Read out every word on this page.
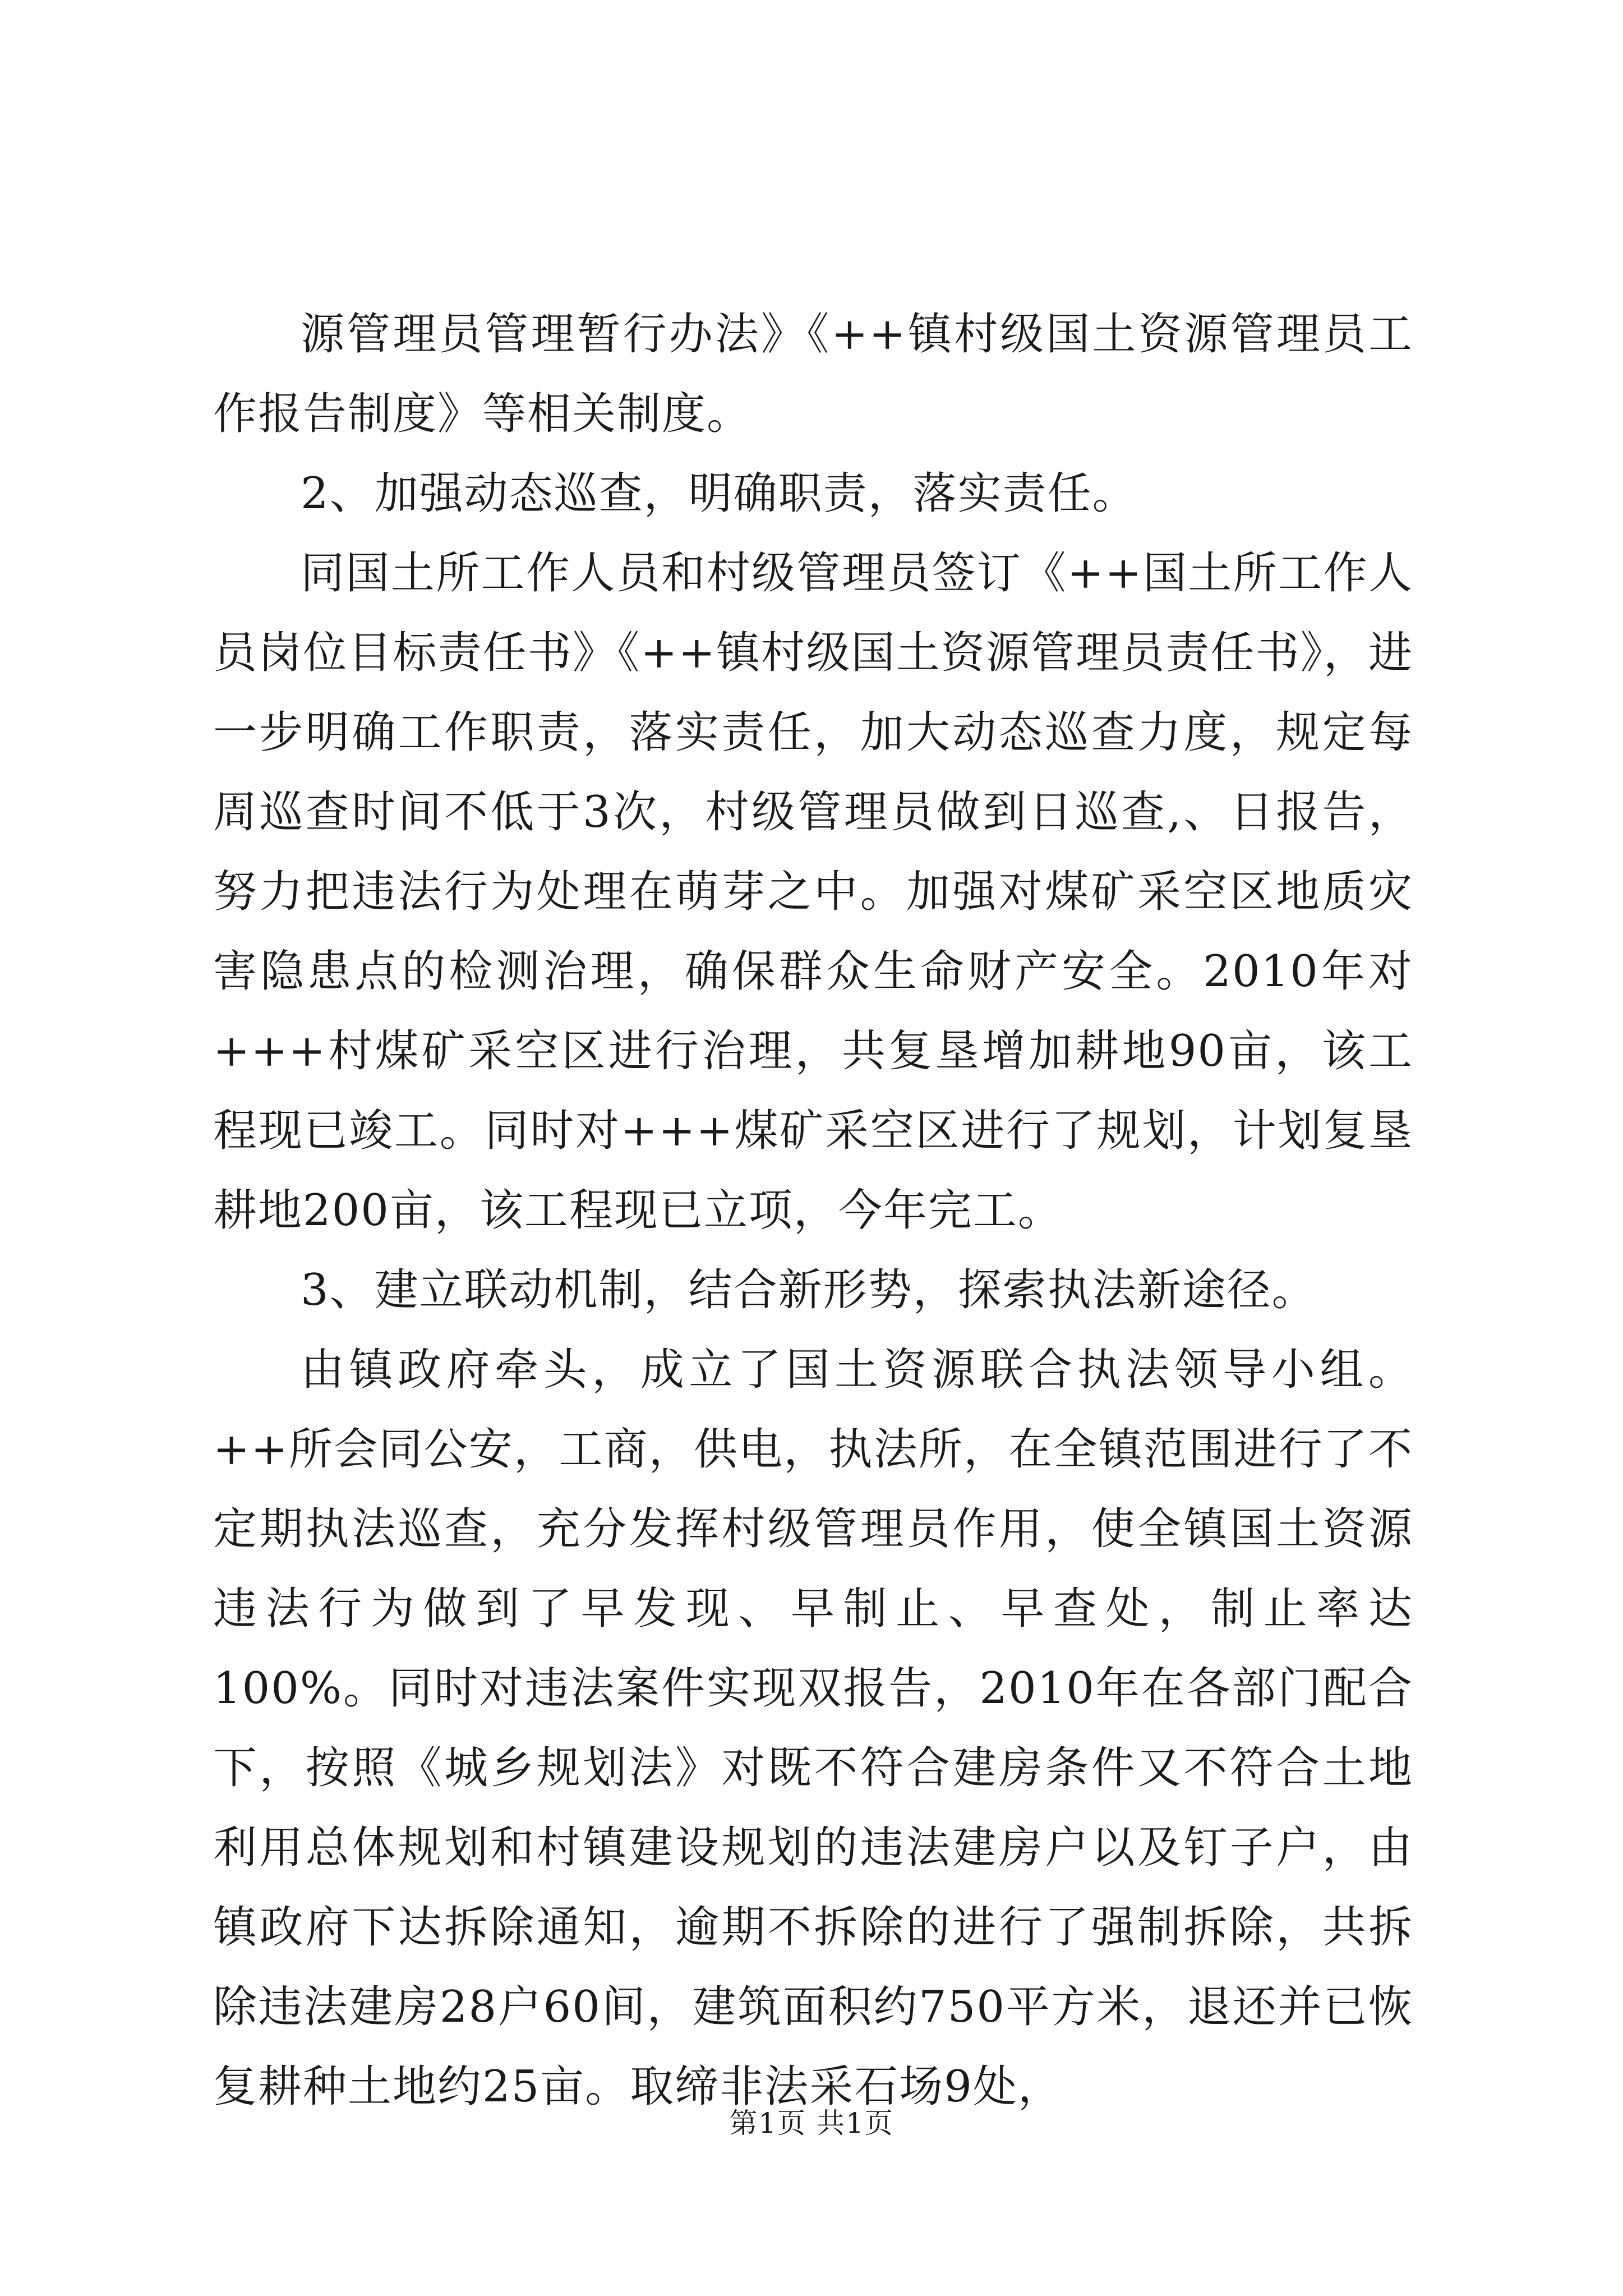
源管理员管理暂行办法》《++镇村级国土资源管理员工作报告制度》等相关制度。

2、加强动态巡查，明确职责，落实责任。

同国土所工作人员和村级管理员签订《++国土所工作人员岗位目标责任书》《++镇村级国土资源管理员责任书》，进一步明确工作职责，落实责任，加大动态巡查力度，规定每周巡查时间不低于3次，村级管理员做到日巡查,、日报告，努力把违法行为处理在萌芽之中。加强对煤矿采空区地质灾害隐患点的检测治理，确保群众生命财产安全。2010年对+++村煤矿采空区进行治理，共复垦增加耕地90亩，该工程现已竣工。同时对+++煤矿采空区进行了规划，计划复垦耕地200亩，该工程现已立项，今年完工。

3、建立联动机制，结合新形势，探索执法新途径。

由镇政府牵头，成立了国土资源联合执法领导小组。++所会同公安，工商，供电，执法所，在全镇范围进行了不定期执法巡查，充分发挥村级管理员作用，使全镇国土资源违法行为做到了早发现、早制止、早查处，制止率达100%。同时对违法案件实现双报告，2010年在各部门配合下，按照《城乡规划法》对既不符合建房条件又不符合土地利用总体规划和村镇建设规划的违法建房户以及钉子户，由镇政府下达拆除通知，逾期不拆除的进行了强制拆除，共拆除违法建房28户60间，建筑面积约750平方米，退还并已恢复耕种土地约25亩。取缔非法采石场9处，

第1页 共1页
